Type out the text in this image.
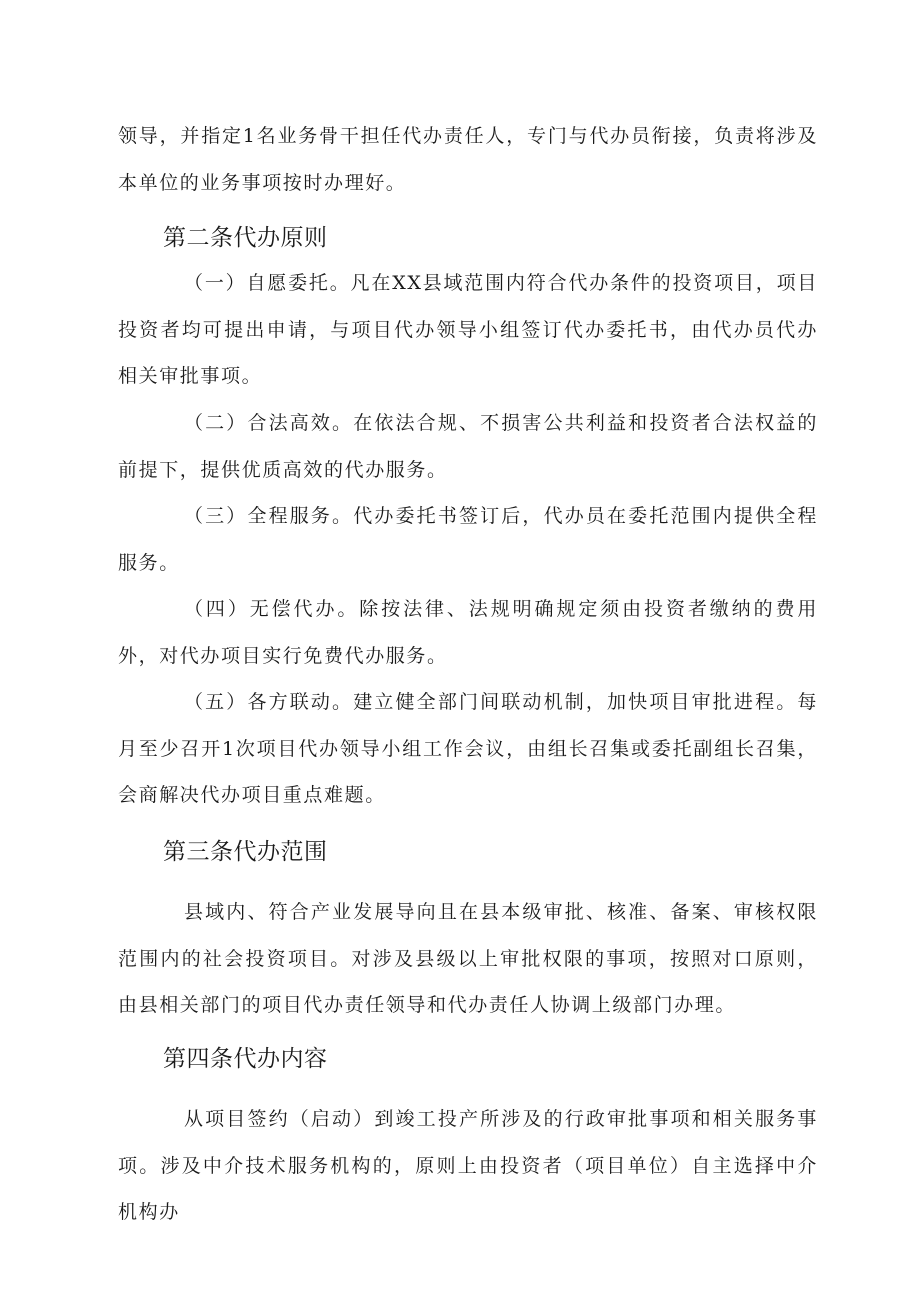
领导，并指定1名业务骨干担任代办责任人，专门与代办员衔接，负责将涉及本单位的业务事项按时办理好。

第二条代办原则

（一）自愿委托。凡在XX县域范围内符合代办条件的投资项目，项目投资者均可提出申请，与项目代办领导小组签订代办委托书，由代办员代办相关审批事项。

（二）合法高效。在依法合规、不损害公共利益和投资者合法权益的前提下，提供优质高效的代办服务。

（三）全程服务。代办委托书签订后，代办员在委托范围内提供全程服务。

（四）无偿代办。除按法律、法规明确规定须由投资者缴纳的费用外，对代办项目实行免费代办服务。

（五）各方联动。建立健全部门间联动机制，加快项目审批进程。每月至少召开1次项目代办领导小组工作会议，由组长召集或委托副组长召集，会商解决代办项目重点难题。

第三条代办范围

县域内、符合产业发展导向且在县本级审批、核准、备案、审核权限范围内的社会投资项目。对涉及县级以上审批权限的事项，按照对口原则，由县相关部门的项目代办责任领导和代办责任人协调上级部门办理。

第四条代办内容

从项目签约（启动）到竣工投产所涉及的行政审批事项和相关服务事项。涉及中介技术服务机构的，原则上由投资者（项目单位）自主选择中介机构办
